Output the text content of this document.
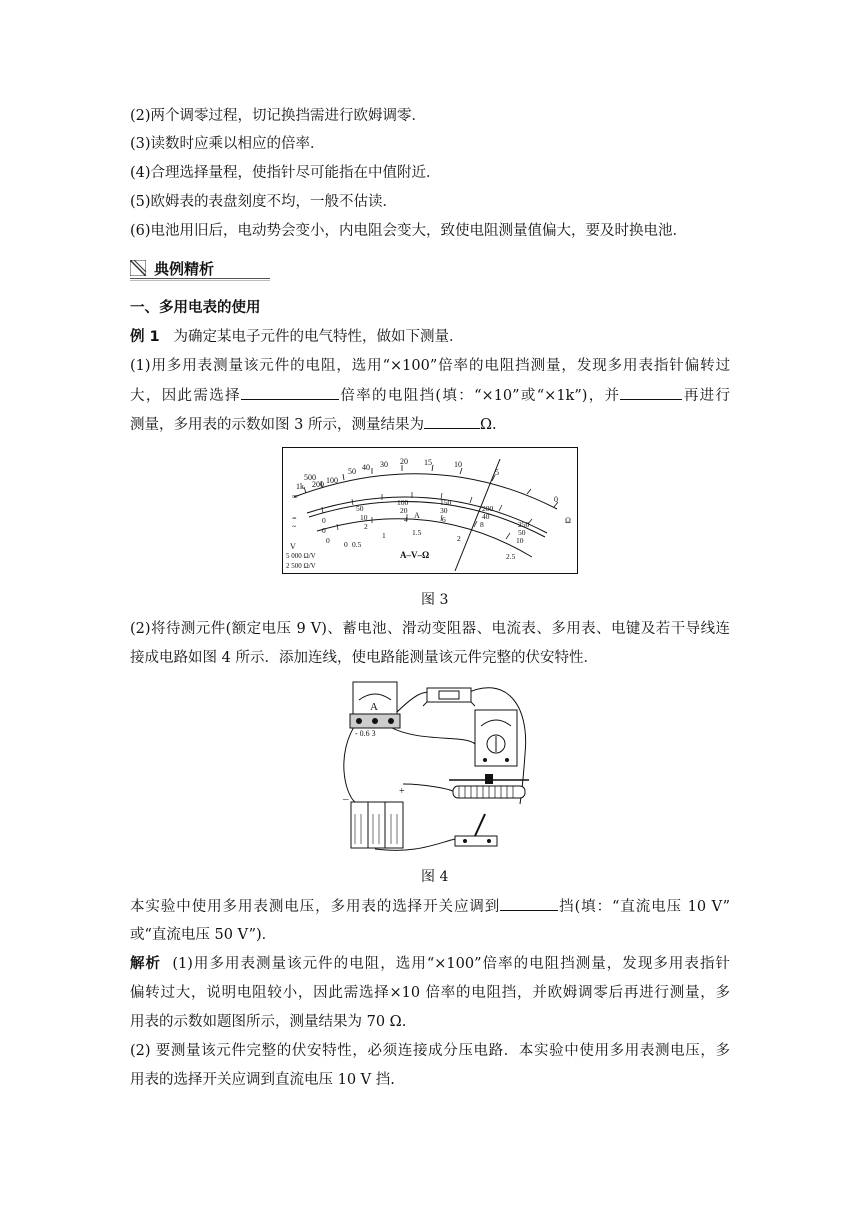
(2)两个调零过程，切记换挡需进行欧姆调零．
(3)读数时应乘以相应的倍率．
(4)合理选择量程，使指针尽可能指在中值附近．
(5)欧姆表的表盘刻度不均，一般不估读．
(6)电池用旧后，电动势会变小，内电阻会变大，致使电阻测量值偏大，要及时换电池．
典例精析
一、多用电表的使用
例 1 为确定某电子元件的电气特性，做如下测量．
(1)用多用表测量该元件的电阻，选用“×100”倍率的电阻挡测量，发现多用表指针偏转过
大，因此需选择	倍率的电阻挡(填：“×10”或“×1k”)，并	再进行
测量，多用表的示数如图 3 所示，测量结果为	Ω.
∞
1k
500
200 100
50 40 30 20 15	10
5
0
Ω
0
50
100	150
200
250
0
10
20	30
40
50
0
2
4	6
8
10
0 0.5
1	1.5
2
2.5
A
V
~
=
5 000 Ω/V
2 500 Ω/V
A–V–Ω
图 3
(2)将待测元件(额定电压 9 V)、蓄电池、滑动变阻器、电流表、多用表、电键及若干导线连
接成电路如图 4 所示．添加连线，使电路能测量该元件完整的伏安特性．
A
- 0.6 3
–
+
图 4
本实验中使用多用表测电压，多用表的选择开关应调到	挡(填：“直流电压 10 V”
或“直流电压 50 V”)．
解析 (1)用多用表测量该元件的电阻，选用“×100”倍率的电阻挡测量，发现多用表指针
偏转过大，说明电阻较小，因此需选择×10 倍率的电阻挡，并欧姆调零后再进行测量，多
用表的示数如题图所示，测量结果为 70 Ω.
(2) 要测量该元件完整的伏安特性，必须连接成分压电路．本实验中使用多用表测电压，多
用表的选择开关应调到直流电压 10 V 挡.
